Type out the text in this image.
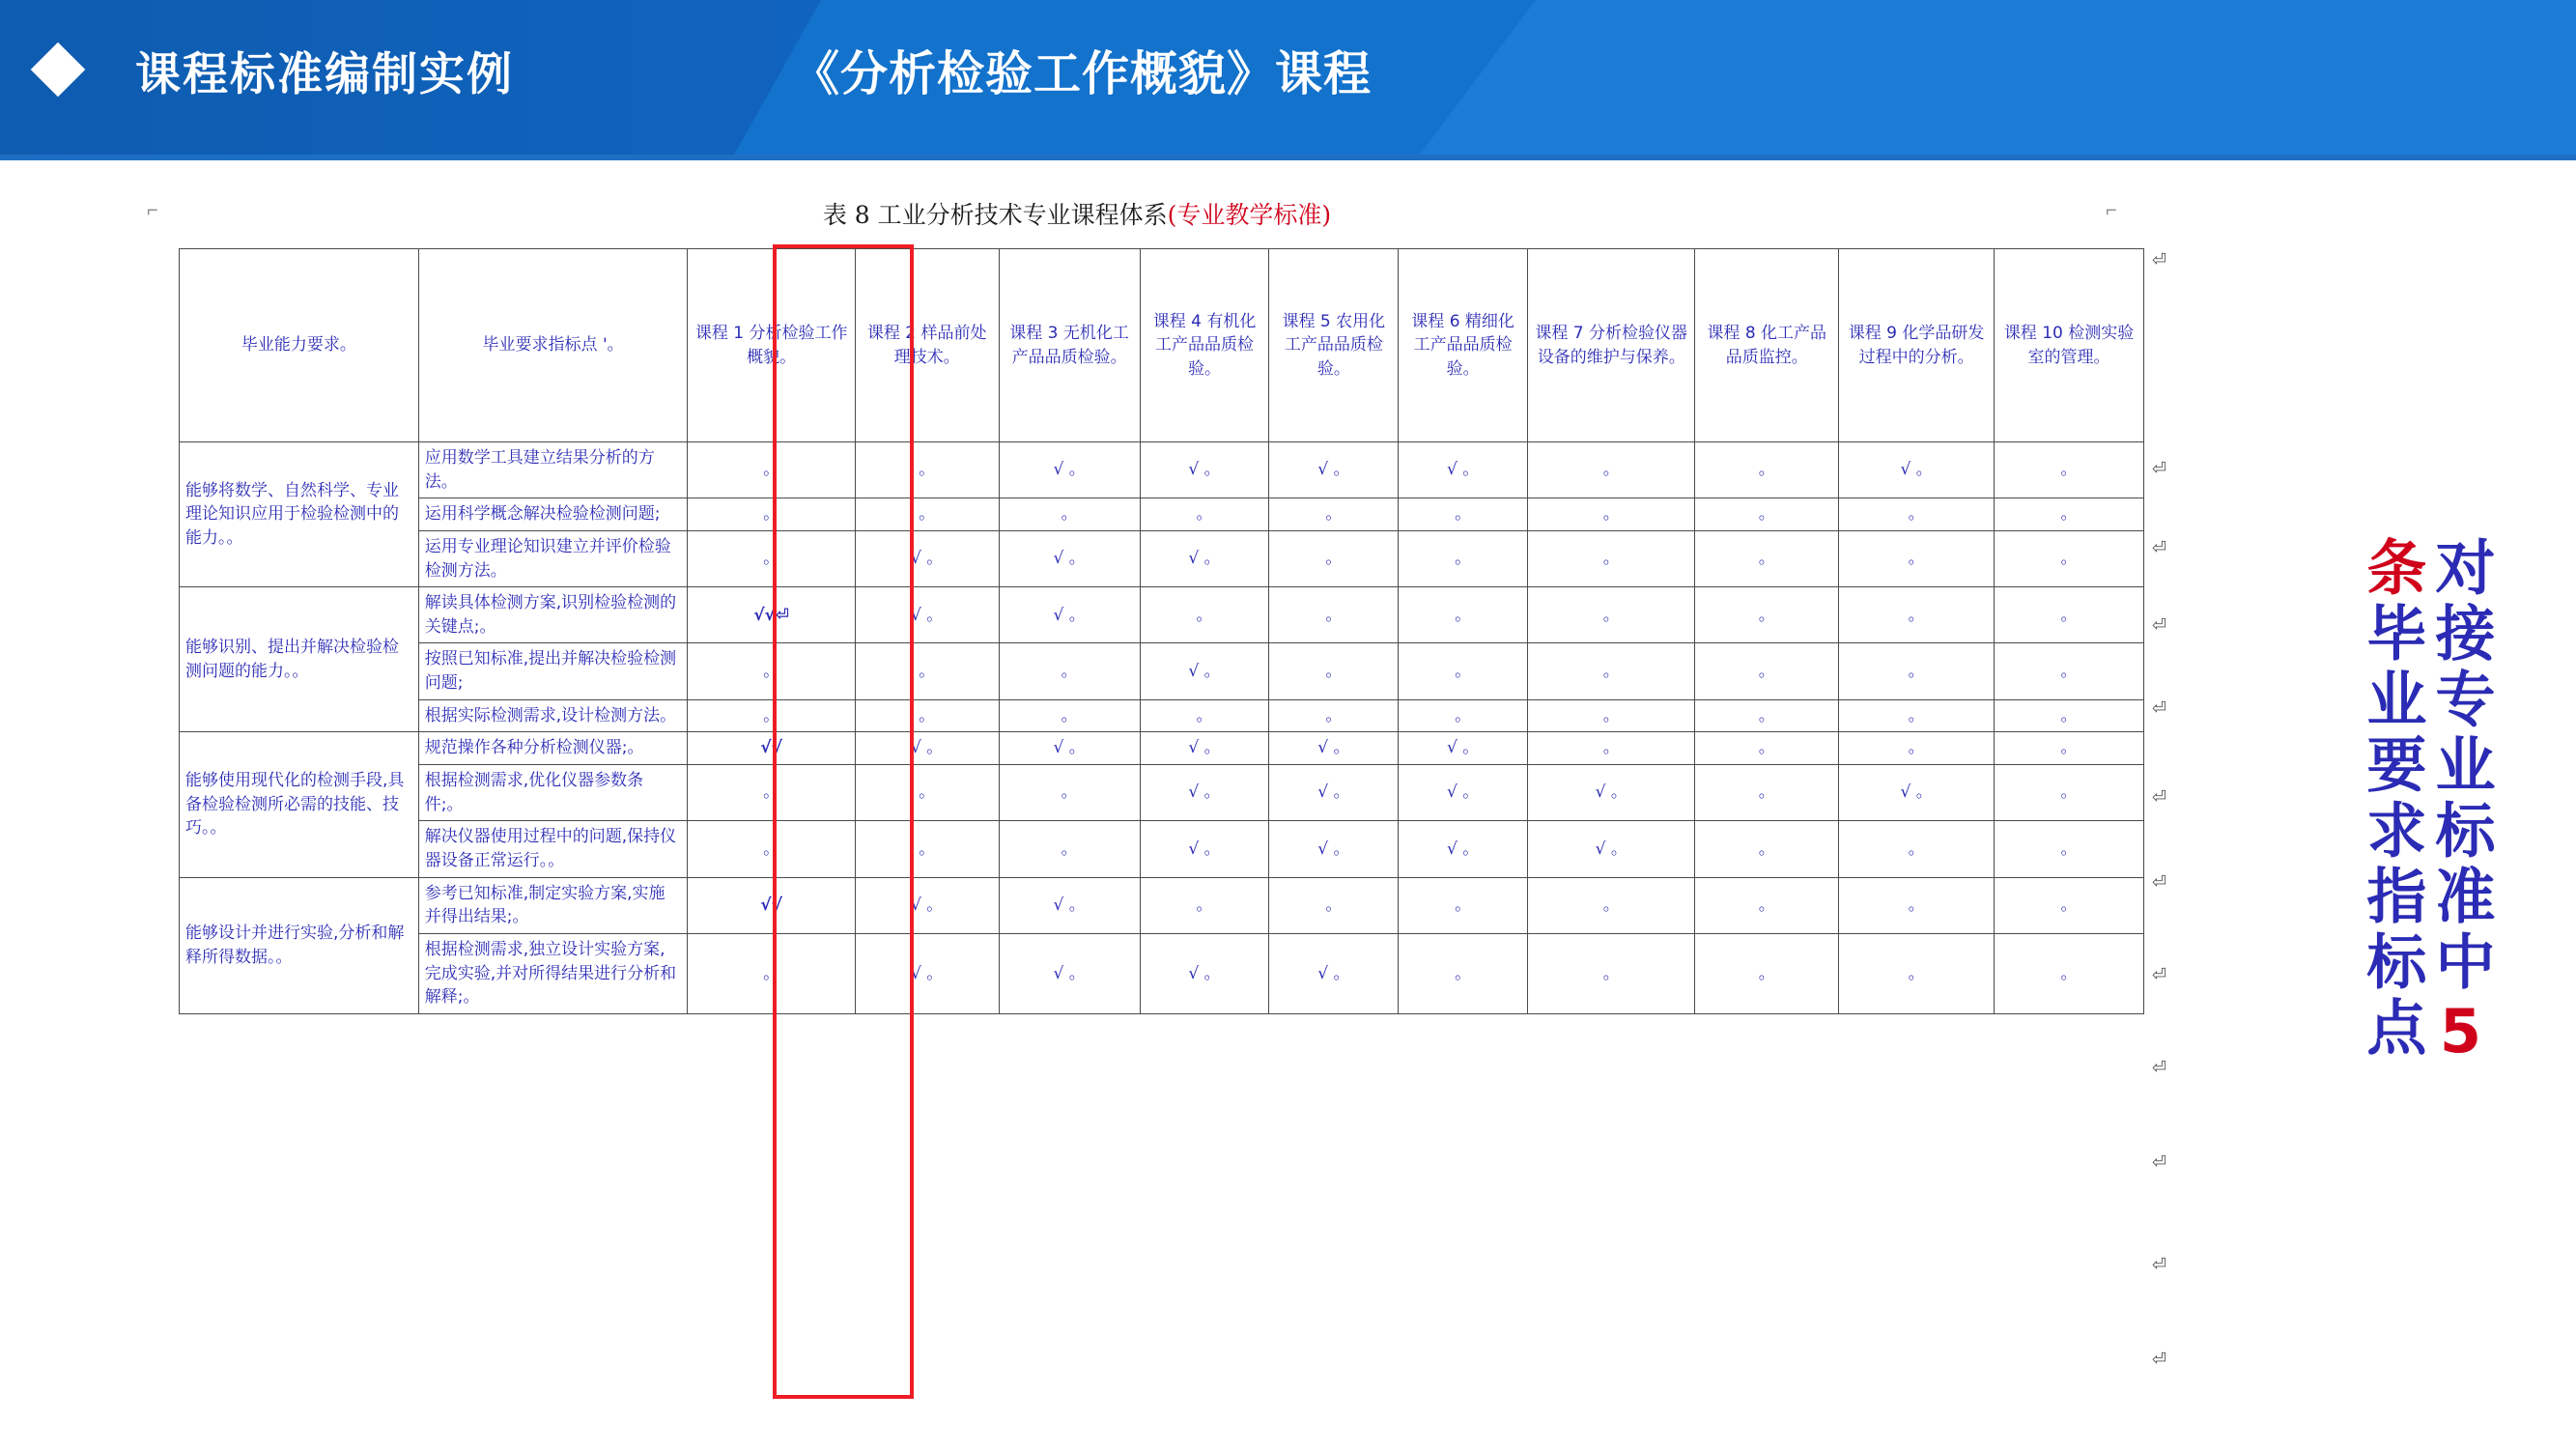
课程标准编制实例	《分析检验工作概貌》课程
⌐	⌐
表 8 工业分析技术专业课程体系(专业教学标准)
毕业能力要求。	毕业要求指标点 '。	课程 1 分析检验工作概貌。	课程 2 样品前处理技术。	课程 3 无机化工产品品质检验。	课程 4 有机化工产品品质检验。	课程 5 农用化工产品品质检验。	课程 6 精细化工产品品质检验。	课程 7 分析检验仪器设备的维护与保养。	课程 8 化工产品品质监控。	课程 9 化学品研发过程中的分析。	课程 10 检测实验室的管理。
能够将数学、自然科学、专业理论知识应用于检验检测中的能力。。	应用数学工具建立结果分析的方法。	。	。	√ 。	√ 。	√ 。	√ 。	。	。	√ 。	。
	运用科学概念解决检验检测问题;	。	。	。	。	。	。	。	。	。	。
	运用专业理论知识建立并评价检验检测方法。	。	√ 。	√ 。	√ 。	。	。	。	。	。	。
能够识别、提出并解决检验检测问题的能力。。	解读具体检测方案,识别检验检测的关键点;。	√√⏎	√ 。	√ 。	。	。	。	。	。	。	。
	按照已知标准,提出并解决检验检测问题;	。	。	。	√ 。	。	。	。	。	。	。
	根据实际检测需求,设计检测方法。	。	。	。	。	。	。	。	。	。	。
能够使用现代化的检测手段,具备检验检测所必需的技能、技巧。。	规范操作各种分析检测仪器;。	√√	√ 。	√ 。	√ 。	√ 。	√ 。	。	。	。	。
	根据检测需求,优化仪器参数条件;。	。	。	。	√ 。	√ 。	√ 。	√ 。	。	√ 。	。
	解决仪器使用过程中的问题,保持仪器设备正常运行。。	。	。	。	√ 。	√ 。	√ 。	√ 。	。	。	。
能够设计并进行实验,分析和解释所得数据。。	参考已知标准,制定实验方案,实施并得出结果;。	√√	√ 。	√ 。	。	。	。	。	。	。	。
	根据检测需求,独立设计实验方案,完成实验,并对所得结果进行分析和解释;。	。	√ 。	√ 。	√ 。	√ 。	。	。	。	。	。
⏎
⏎
⏎
⏎
⏎
⏎
⏎
⏎
⏎
⏎
⏎
⏎
对接专业标准中5
条毕业要求指标点
